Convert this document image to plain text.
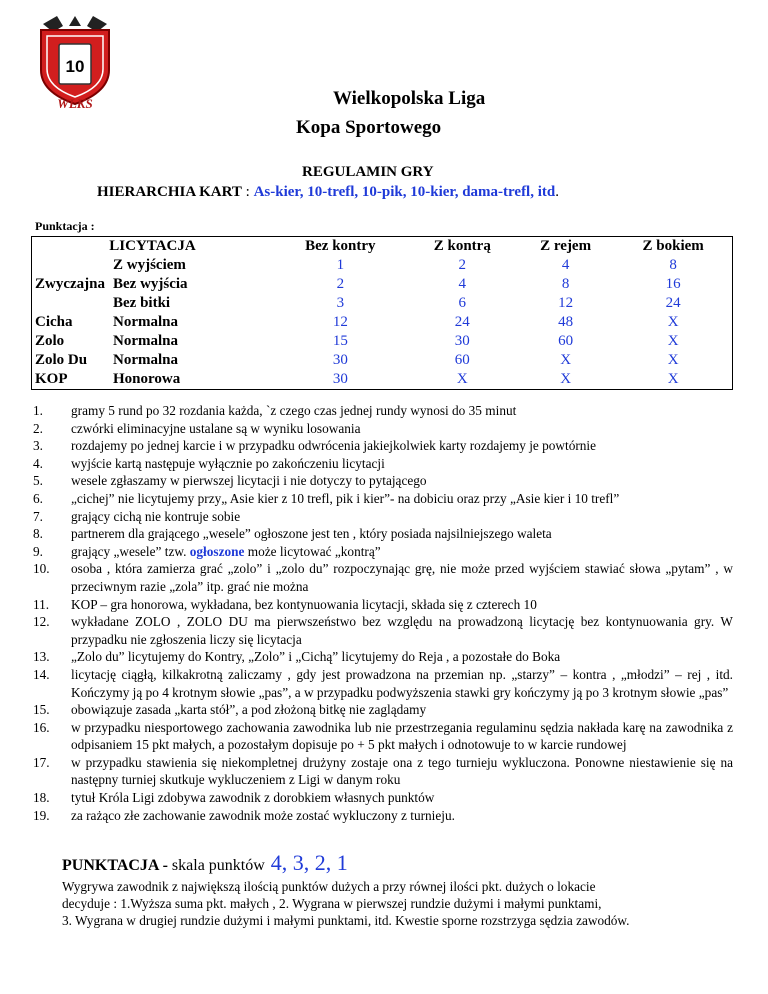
10
WLKS	Wielkopolska Liga
Kopa Sportowego
REGULAMIN GRY
HIERARCHIA KART : As-kier, 10-trefl, 10-pik, 10-kier, dama-trefl, itd.
Punktacja :
LICYTACJA		Bez kontry	Z kontrą	Z rejem	Z bokiem
	Z wyjściem	1	2	4	8
Zwyczajna	Bez wyjścia	2	4	8	16
	Bez bitki	3	6	12	24
Cicha	Normalna	12	24	48	X
Zolo	Normalna	15	30	60	X
Zolo Du	Normalna	30	60	X	X
KOP	Honorowa	30	X	X	X
1.	gramy 5 rund po 32 rozdania każda, `z czego czas jednej rundy wynosi do 35 minut
2.	czwórki eliminacyjne ustalane są w wyniku losowania
3.	rozdajemy po jednej karcie i w przypadku odwrócenia jakiejkolwiek karty rozdajemy je powtórnie
4.	wyjście kartą następuje wyłącznie po zakończeniu licytacji
5.	wesele zgłaszamy w pierwszej licytacji i nie dotyczy to pytającego
6.	„cichej” nie licytujemy przy„ Asie kier z 10 trefl, pik i kier”- na dobiciu oraz przy „Asie kier i 10 trefl”
7.	grający cichą nie kontruje sobie
8.	partnerem dla grającego „wesele” ogłoszone jest ten , który posiada najsilniejszego waleta
9.	grający „wesele” tzw. ogłoszone może licytować „kontrą”
10.	osoba , która zamierza grać „zolo” i „zolo du” rozpoczynając grę, nie może przed wyjściem stawiać słowa „pytam” , w przeciwnym razie „zola” itp. grać nie można
11.	KOP – gra honorowa, wykładana, bez kontynuowania licytacji, składa się z czterech 10
12.	wykładane ZOLO , ZOLO DU ma pierwszeństwo bez względu na prowadzoną licytację bez kontynuowania gry. W przypadku nie zgłoszenia liczy się licytacja
13.	„Zolo du” licytujemy do Kontry, „Zolo” i „Cichą” licytujemy do Reja , a pozostałe do Boka
14.	licytację ciągłą, kilkakrotną zaliczamy , gdy jest prowadzona na przemian np. „starzy” – kontra , „młodzi” – rej , itd. Kończymy ją po 4 krotnym słowie „pas”, a w przypadku podwyższenia stawki gry kończymy ją po 3 krotnym słowie „pas”
15.	obowiązuje zasada „karta stół”, a pod złożoną bitkę nie zaglądamy
16.	w przypadku niesportowego zachowania zawodnika lub nie przestrzegania regulaminu sędzia nakłada karę na zawodnika z odpisaniem 15 pkt małych, a pozostałym dopisuje po + 5 pkt małych i odnotowuje to w karcie rundowej
17.	w przypadku stawienia się niekompletnej drużyny zostaje ona z tego turnieju wykluczona. Ponowne niestawienie się na następny turniej skutkuje wykluczeniem z Ligi w danym roku
18.	tytuł Króla Ligi zdobywa zawodnik z dorobkiem własnych punktów
19.	za rażąco złe zachowanie zawodnik może zostać wykluczony z turnieju.
PUNKTACJA - skala punktów 4, 3, 2, 1
Wygrywa zawodnik z największą ilością punktów dużych a przy równej ilości pkt. dużych o lokacie
decyduje : 1.Wyższa suma pkt. małych , 2. Wygrana w pierwszej rundzie dużymi i małymi punktami,
3. Wygrana w drugiej rundzie dużymi i małymi punktami, itd. Kwestie sporne rozstrzyga sędzia zawodów.
